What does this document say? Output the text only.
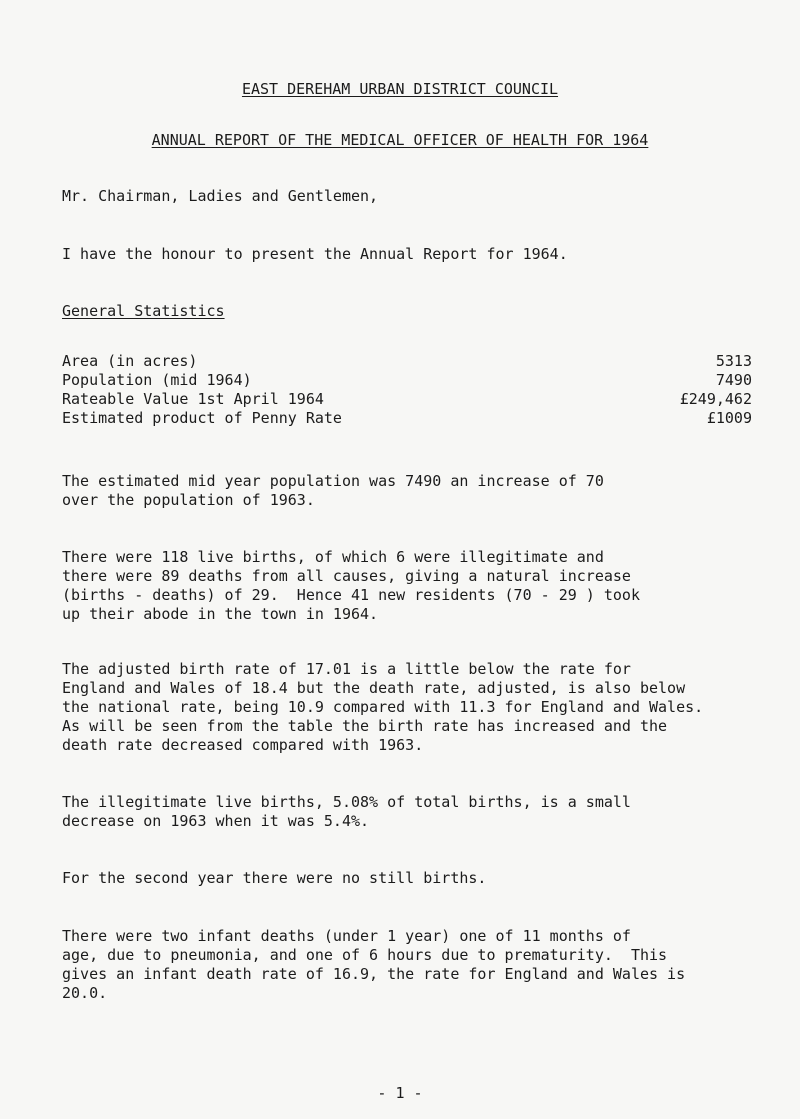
EAST DEREHAM URBAN DISTRICT COUNCIL
ANNUAL REPORT OF THE MEDICAL OFFICER OF HEALTH FOR 1964
Mr. Chairman, Ladies and Gentlemen,
I have the honour to present the Annual Report for 1964.
General Statistics
Area (in acres)	5313
Population (mid 1964)	7490
Rateable Value 1st April 1964	£249,462
Estimated product of Penny Rate	£1009
The estimated mid year population was 7490 an increase of 70
over the population of 1963.
There were 118 live births, of which 6 were illegitimate and
there were 89 deaths from all causes, giving a natural increase
(births - deaths) of 29.  Hence 41 new residents (70 - 29 ) took
up their abode in the town in 1964.
The adjusted birth rate of 17.01 is a little below the rate for
England and Wales of 18.4 but the death rate, adjusted, is also below
the national rate, being 10.9 compared with 11.3 for England and Wales.
As will be seen from the table the birth rate has increased and the
death rate decreased compared with 1963.
The illegitimate live births, 5.08% of total births, is a small
decrease on 1963 when it was 5.4%.
For the second year there were no still births.
There were two infant deaths (under 1 year) one of 11 months of
age, due to pneumonia, and one of 6 hours due to prematurity.  This
gives an infant death rate of 16.9, the rate for England and Wales is
20.0.
- 1 -
